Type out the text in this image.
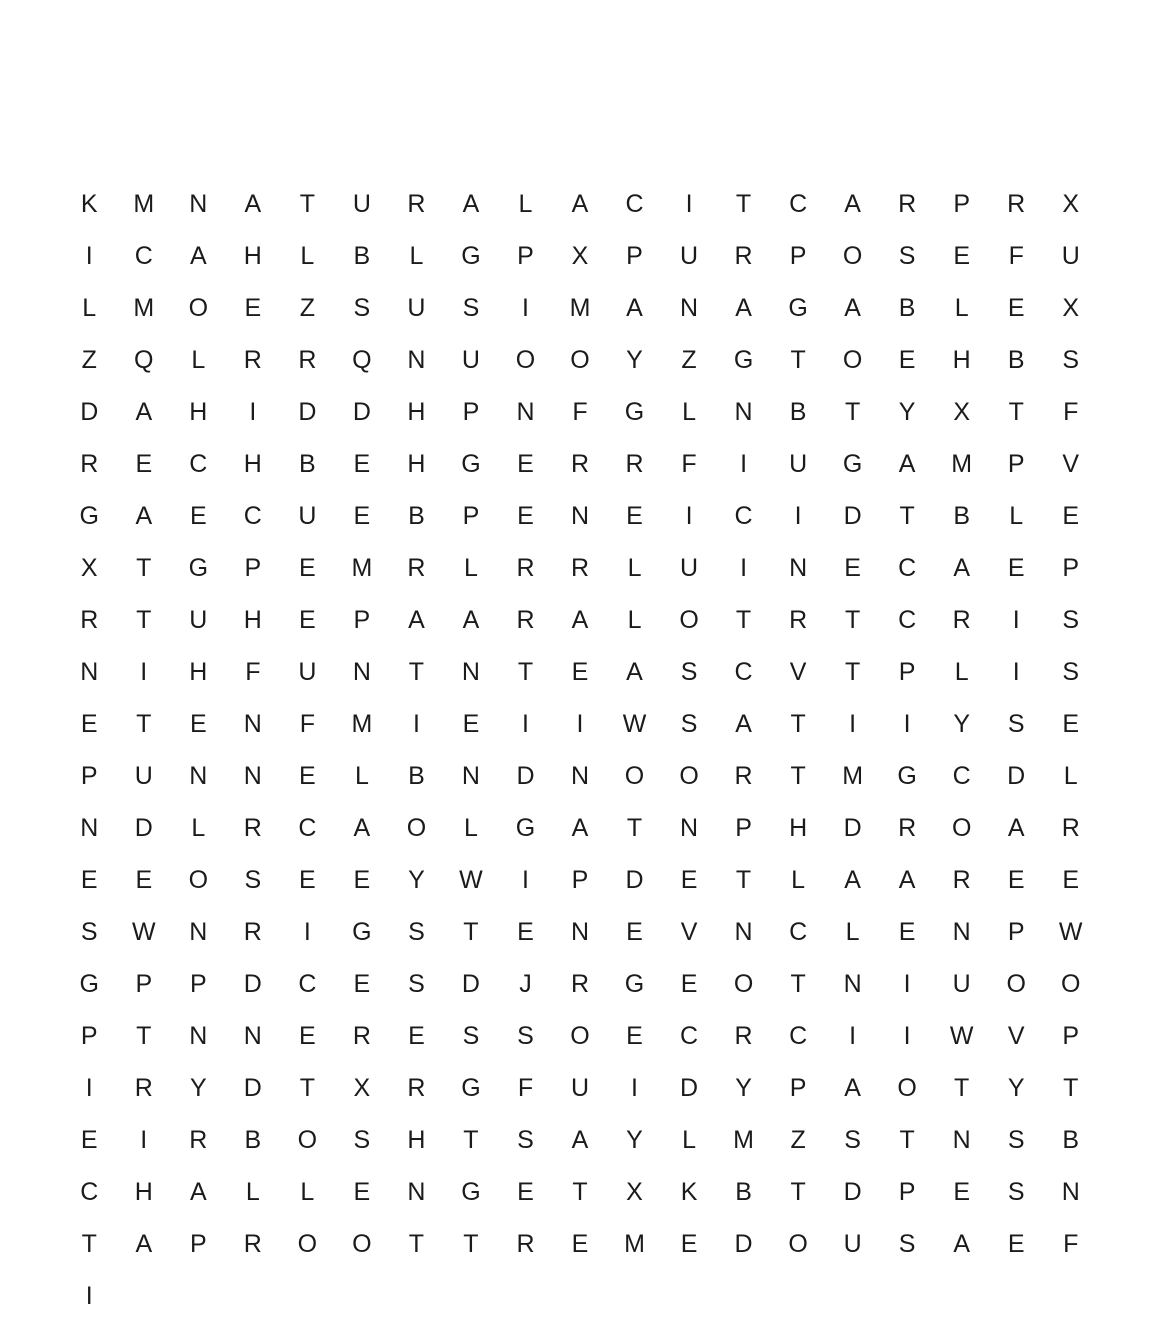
K	M	N	A	T	U	R	A	L	A	C	I	T	C	A	R	P	R	X
I	C	A	H	L	B	L	G	P	X	P	U	R	P	O	S	E	F	U
L	M	O	E	Z	S	U	S	I	M	A	N	A	G	A	B	L	E	X
Z	Q	L	R	R	Q	N	U	O	O	Y	Z	G	T	O	E	H	B	S
D	A	H	I	D	D	H	P	N	F	G	L	N	B	T	Y	X	T	F
R	E	C	H	B	E	H	G	E	R	R	F	I	U	G	A	M	P	V
G	A	E	C	U	E	B	P	E	N	E	I	C	I	D	T	B	L	E
X	T	G	P	E	M	R	L	R	R	L	U	I	N	E	C	A	E	P
R	T	U	H	E	P	A	A	R	A	L	O	T	R	T	C	R	I	S
N	I	H	F	U	N	T	N	T	E	A	S	C	V	T	P	L	I	S
E	T	E	N	F	M	I	E	I	I	W	S	A	T	I	I	Y	S	E
P	U	N	N	E	L	B	N	D	N	O	O	R	T	M	G	C	D	L
N	D	L	R	C	A	O	L	G	A	T	N	P	H	D	R	O	A	R
E	E	O	S	E	E	Y	W	I	P	D	E	T	L	A	A	R	E	E
S	W	N	R	I	G	S	T	E	N	E	V	N	C	L	E	N	P	W
G	P	P	D	C	E	S	D	J	R	G	E	O	T	N	I	U	O	O
P	T	N	N	E	R	E	S	S	O	E	C	R	C	I	I	W	V	P
I	R	Y	D	T	X	R	G	F	U	I	D	Y	P	A	O	T	Y	T
E	I	R	B	O	S	H	T	S	A	Y	L	M	Z	S	T	N	S	B
C	H	A	L	L	E	N	G	E	T	X	K	B	T	D	P	E	S	N
T	A	P	R	O	O	T	T	R	E	M	E	D	O	U	S	A	E	F
I
